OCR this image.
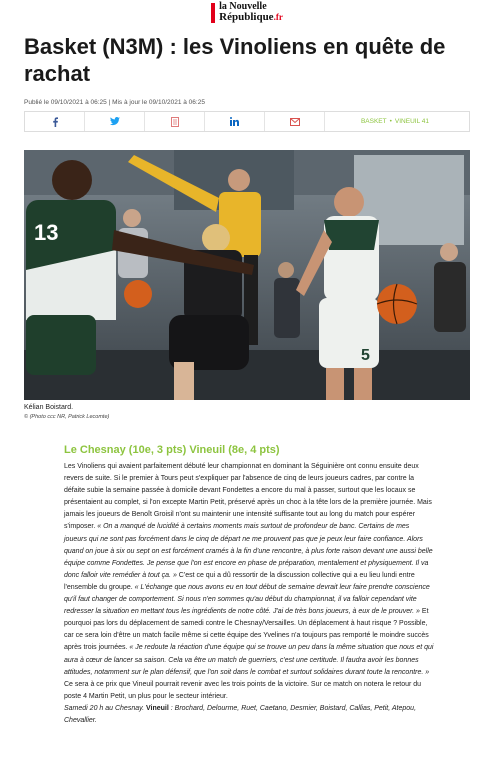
la Nouvelle
République.fr
Basket (N3M) : les Vinoliens en quête de rachat
Publié le 09/10/2021 à 06:25 | Mis à jour le 09/10/2021 à 06:25
BASKET • VINEUIL 41
13
5
Kélian Boistard.
© (Photo ccc NR, Patrick Lecomte)
Le Chesnay (10e, 3 pts) Vineuil (8e, 4 pts)

Les Vinoliens qui avaient parfaitement débuté leur championnat en dominant la Séguinière ont connu ensuite deux revers de suite. Si le premier à Tours peut s'expliquer par l'absence de cinq de leurs joueurs cadres, par contre la défaite subie la semaine passée à domicile devant Fondettes a encore du mal à passer, surtout que les locaux se présentaient au complet, si l'on excepte Martin Petit, préservé après un choc à la tête lors de la première journée. Mais jamais les joueurs de Benoît Groisil n'ont su maintenir une intensité suffisante tout au long du match pour espérer s'imposer. « On a manqué de lucidité à certains moments mais surtout de profondeur de banc. Certains de mes joueurs qui ne sont pas forcément dans le cinq de départ ne me prouvent pas que je peux leur faire confiance. Alors quand on joue à six ou sept on est forcément cramés à la fin d'une rencontre, à plus forte raison devant une aussi belle équipe comme Fondettes. Je pense que l'on est encore en phase de préparation, mentalement et physiquement. Il va donc falloir vite remédier à tout ça. » C'est ce qui a dû ressortir de la discussion collective qui a eu lieu lundi entre l'ensemble du groupe. « L'échange que nous avons eu en tout début de semaine devrait leur faire prendre conscience qu'il faut changer de comportement. Si nous n'en sommes qu'au début du championnat, il va falloir cependant vite redresser la situation en mettant tous les ingrédients de notre côté. J'ai de très bons joueurs, à eux de le prouver. » Et pourquoi pas lors du déplacement de samedi contre le Chesnay/Versailles. Un déplacement à haut risque ? Possible, car ce sera loin d'être un match facile même si cette équipe des Yvelines n'a toujours pas remporté le moindre succès après trois journées. « Je redoute la réaction d'une équipe qui se trouve un peu dans la même situation que nous et qui aura à cœur de lancer sa saison. Cela va être un match de guerriers, c'est une certitude. Il faudra avoir les bonnes attitudes, notamment sur le plan défensif, que l'on soit dans le combat et surtout solidaires durant toute la rencontre. » Ce sera à ce prix que Vineuil pourrait revenir avec les trois points de la victoire. Sur ce match on notera le retour du poste 4 Martin Petit, un plus pour le secteur intérieur.

Samedi 20 h au Chesnay. Vineuil : Brochard, Delourme, Ruet, Caetano, Desmier, Boistard, Callias, Petit, Atepou, Chevallier.
